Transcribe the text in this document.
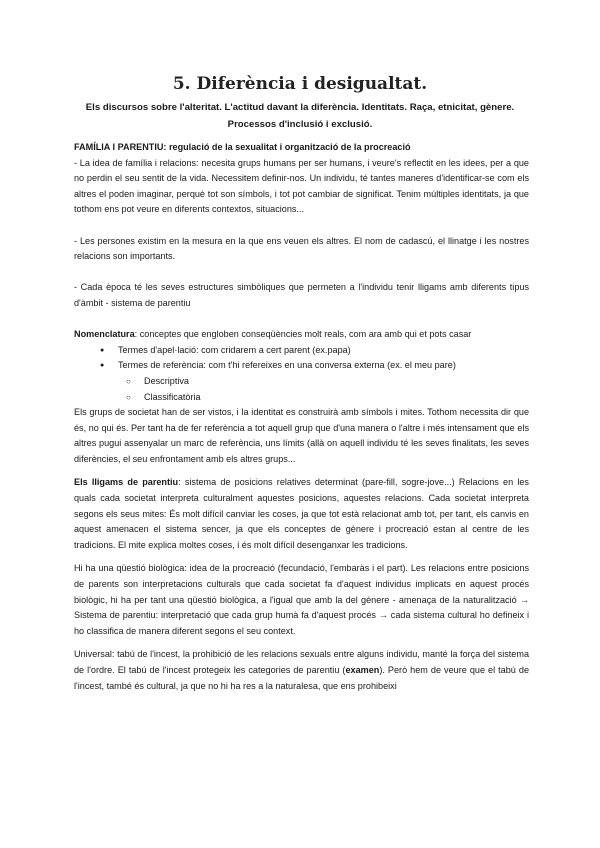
5. Diferència i desigualtat.
Els discursos sobre l'alteritat. L'actitud davant la diferència. Identitats. Raça, etnicitat, gènere.
Processos d'inclusió i exclusió.

FAMÍLIA I PARENTIU: regulació de la sexualitat i organització de la procreació

- La idea de família i relacions: necesita grups humans per ser humans, i veure's reflectit en les idees, per a que no perdin el seu sentit de la vida. Necessitem definir-nos. Un individu, té tantes maneres d'identificar-se com els altres el poden imaginar, perquè tot son símbols, i tot pot cambiar de significat. Tenim múltiples identitats, ja que tothom ens pot veure en diferents contextos, situacions...

- Les persones existim en la mesura en la que ens veuen els altres. El nom de cadascú, el llinatge i les nostres relacions son importants.

- Cada època té les seves estructures simbòliques que permeten a l'individu tenir lligams amb diferents tipus d'àmbit - sistema de parentiu

Nomenclatura: conceptes que engloben conseqüències molt reals, com ara amb qui et pots casar

● Termes d'apel·lació: com cridarem a cert parent (ex.papa)
● Termes de referència: com t'hi refereixes en una conversa externa (ex. el meu pare)
○ Descriptiva
○ Classificatòria

Els grups de societat han de ser vistos, i la identitat es construirà amb símbols i mites. Tothom necessita dir que és, no qui és. Per tant ha de fer referència a tot aquell grup que d'una manera o l'altre i més intensament que els altres pugui assenyalar un marc de referència, uns límits (allà on aquell individu té les seves finalitats, les seves diferències, el seu enfrontament amb els altres grups...

Els lligams de parentiu: sistema de posicions relatives determinat (pare-fill, sogre-jove...) Relacions en les quals cada societat interpreta culturalment aquestes posicions, aquestes relacions. Cada societat interpreta segons els seus mites: És molt difícil canviar les coses, ja que tot està relacionat amb tot, per tant, els canvis en aquest amenacen el sistema sencer, ja que els conceptes de gènere i procreació estan al centre de les tradicions. El mite explica moltes coses, i és molt difícil desenganxar les tradicions.

Hi ha una qüestió biològica: idea de la procreació (fecundació, l'embaràs i el part). Les relacions entre posicions de parents son interpretacions culturals que cada societat fa d'aquest individus implicats en aquest procés biològic, hi ha per tant una qüestió biològica, a l'igual que amb la del gènere - amenaça de la naturalització → Sistema de parentiu: interpretació que cada grup humà fa d'aquest procés → cada sistema cultural ho defineix i ho classifica de manera diferent segons el seu context.

Universal: tabú de l'incest, la prohibició de les relacions sexuals entre alguns individu, manté la força del sistema de l'ordre. El tabú de l'incest protegeix les categories de parentiu (examen). Però hem de veure que el tabú de l'incest, també és cultural, ja que no hi ha res a la naturalesa, que ens prohibeixi
